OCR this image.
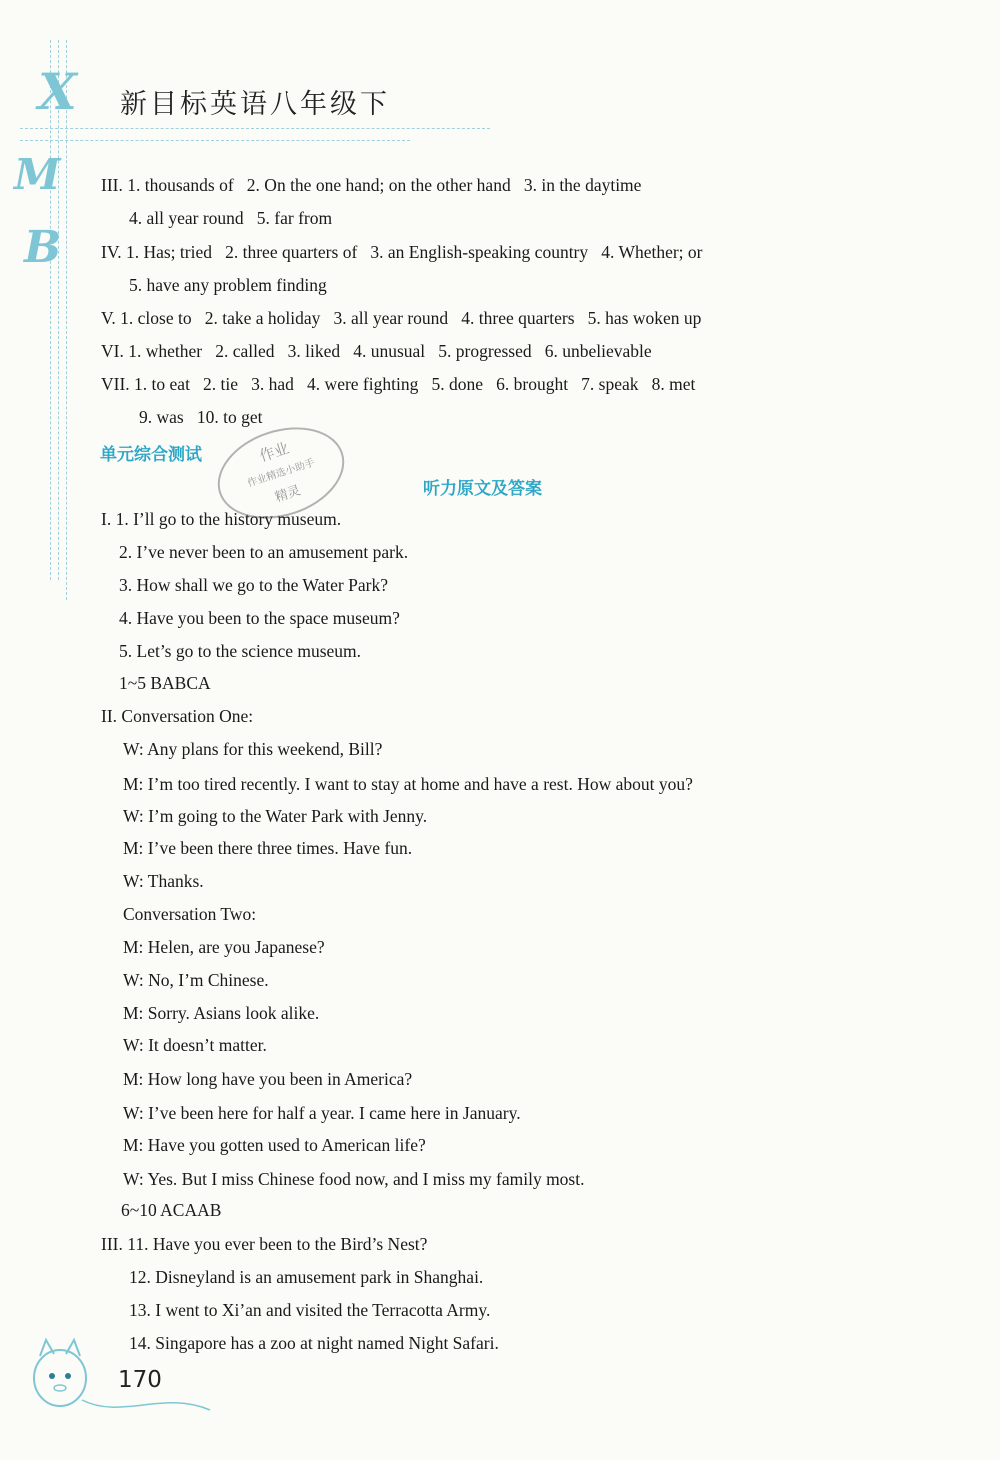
X
M
B
新目标英语八年级下
III. 1. thousands of   2. On the one hand; on the other hand   3. in the daytime
4. all year round   5. far from
IV. 1. Has; tried   2. three quarters of   3. an English-speaking country   4. Whether; or
5. have any problem finding
V. 1. close to   2. take a holiday   3. all year round   4. three quarters   5. has woken up
VI. 1. whether   2. called   3. liked   4. unusual   5. progressed   6. unbelievable
VII. 1. to eat   2. tie   3. had   4. were fighting   5. done   6. brought   7. speak   8. met
9. was   10. to get
单元综合测试
听力原文及答案
作业
作业精选小助手
精灵
I. 1. I’ll go to the history museum.
2. I’ve never been to an amusement park.
3. How shall we go to the Water Park?
4. Have you been to the space museum?
5. Let’s go to the science museum.
1~5 BABCA
II. Conversation One:
W: Any plans for this weekend, Bill?
M: I’m too tired recently. I want to stay at home and have a rest. How about you?
W: I’m going to the Water Park with Jenny.
M: I’ve been there three times. Have fun.
W: Thanks.
Conversation Two:
M: Helen, are you Japanese?
W: No, I’m Chinese.
M: Sorry. Asians look alike.
W: It doesn’t matter.
M: How long have you been in America?
W: I’ve been here for half a year. I came here in January.
M: Have you gotten used to American life?
W: Yes. But I miss Chinese food now, and I miss my family most.
6~10 ACAAB
III. 11. Have you ever been to the Bird’s Nest?
12. Disneyland is an amusement park in Shanghai.
13. I went to Xi’an and visited the Terracotta Army.
14. Singapore has a zoo at night named Night Safari.
170
